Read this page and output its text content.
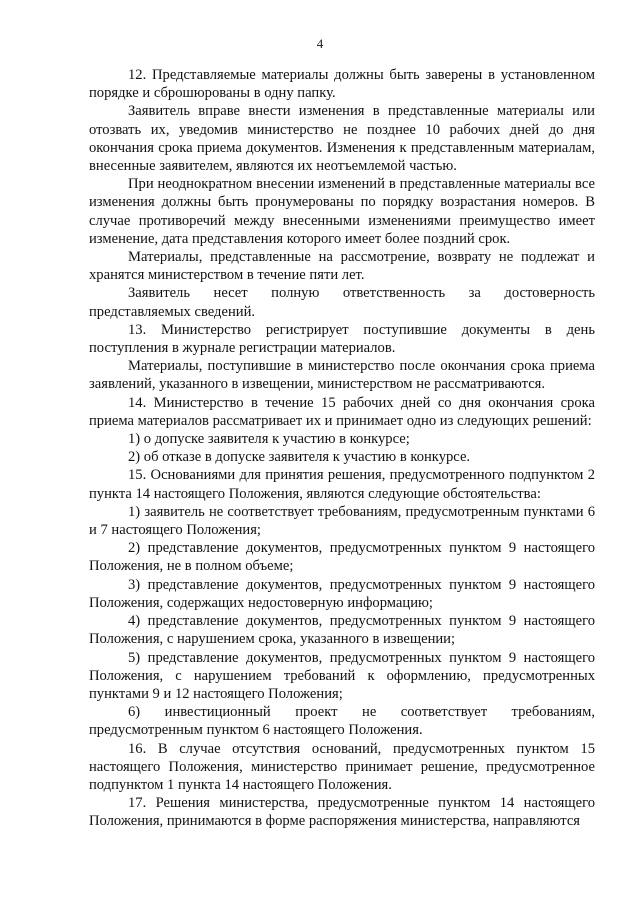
4

12. Представляемые материалы должны быть заверены в установленном порядке и сброшюрованы в одну папку.

Заявитель вправе внести изменения в представленные материалы или отозвать их, уведомив министерство не позднее 10 рабочих дней до дня окончания срока приема документов. Изменения к представленным материалам, внесенные заявителем, являются их неотъемлемой частью.

При неоднократном внесении изменений в представленные материалы все изменения должны быть пронумерованы по порядку возрастания номеров. В случае противоречий между внесенными изменениями преимущество имеет изменение, дата представления которого имеет более поздний срок.

Материалы, представленные на рассмотрение, возврату не подлежат и хранятся министерством в течение пяти лет.

Заявитель несет полную ответственность за достоверность представляемых сведений.

13. Министерство регистрирует поступившие документы в день поступления в журнале регистрации материалов.

Материалы, поступившие в министерство после окончания срока приема заявлений, указанного в извещении, министерством не рассматриваются.

14. Министерство в течение 15 рабочих дней со дня окончания срока приема материалов рассматривает их и принимает одно из следующих решений:

1) о допуске заявителя к участию в конкурсе;

2) об отказе в допуске заявителя к участию в конкурсе.

15. Основаниями для принятия решения, предусмотренного подпунктом 2 пункта 14 настоящего Положения, являются следующие обстоятельства:

1) заявитель не соответствует требованиям, предусмотренным пунктами 6 и 7 настоящего Положения;

2) представление документов, предусмотренных пунктом 9 настоящего Положения, не в полном объеме;

3) представление документов, предусмотренных пунктом 9 настоящего Положения, содержащих недостоверную информацию;

4) представление документов, предусмотренных пунктом 9 настоящего Положения, с нарушением срока, указанного в извещении;

5) представление документов, предусмотренных пунктом 9 настоящего Положения, с нарушением требований к оформлению, предусмотренных пунктами 9 и 12 настоящего Положения;

6) инвестиционный проект не соответствует требованиям, предусмотренным пунктом 6 настоящего Положения.

16. В случае отсутствия оснований, предусмотренных пунктом 15 настоящего Положения, министерство принимает решение, предусмотренное подпунктом 1 пункта 14 настоящего Положения.

17. Решения министерства, предусмотренные пунктом 14 настоящего Положения, принимаются в форме распоряжения министерства, направляются
